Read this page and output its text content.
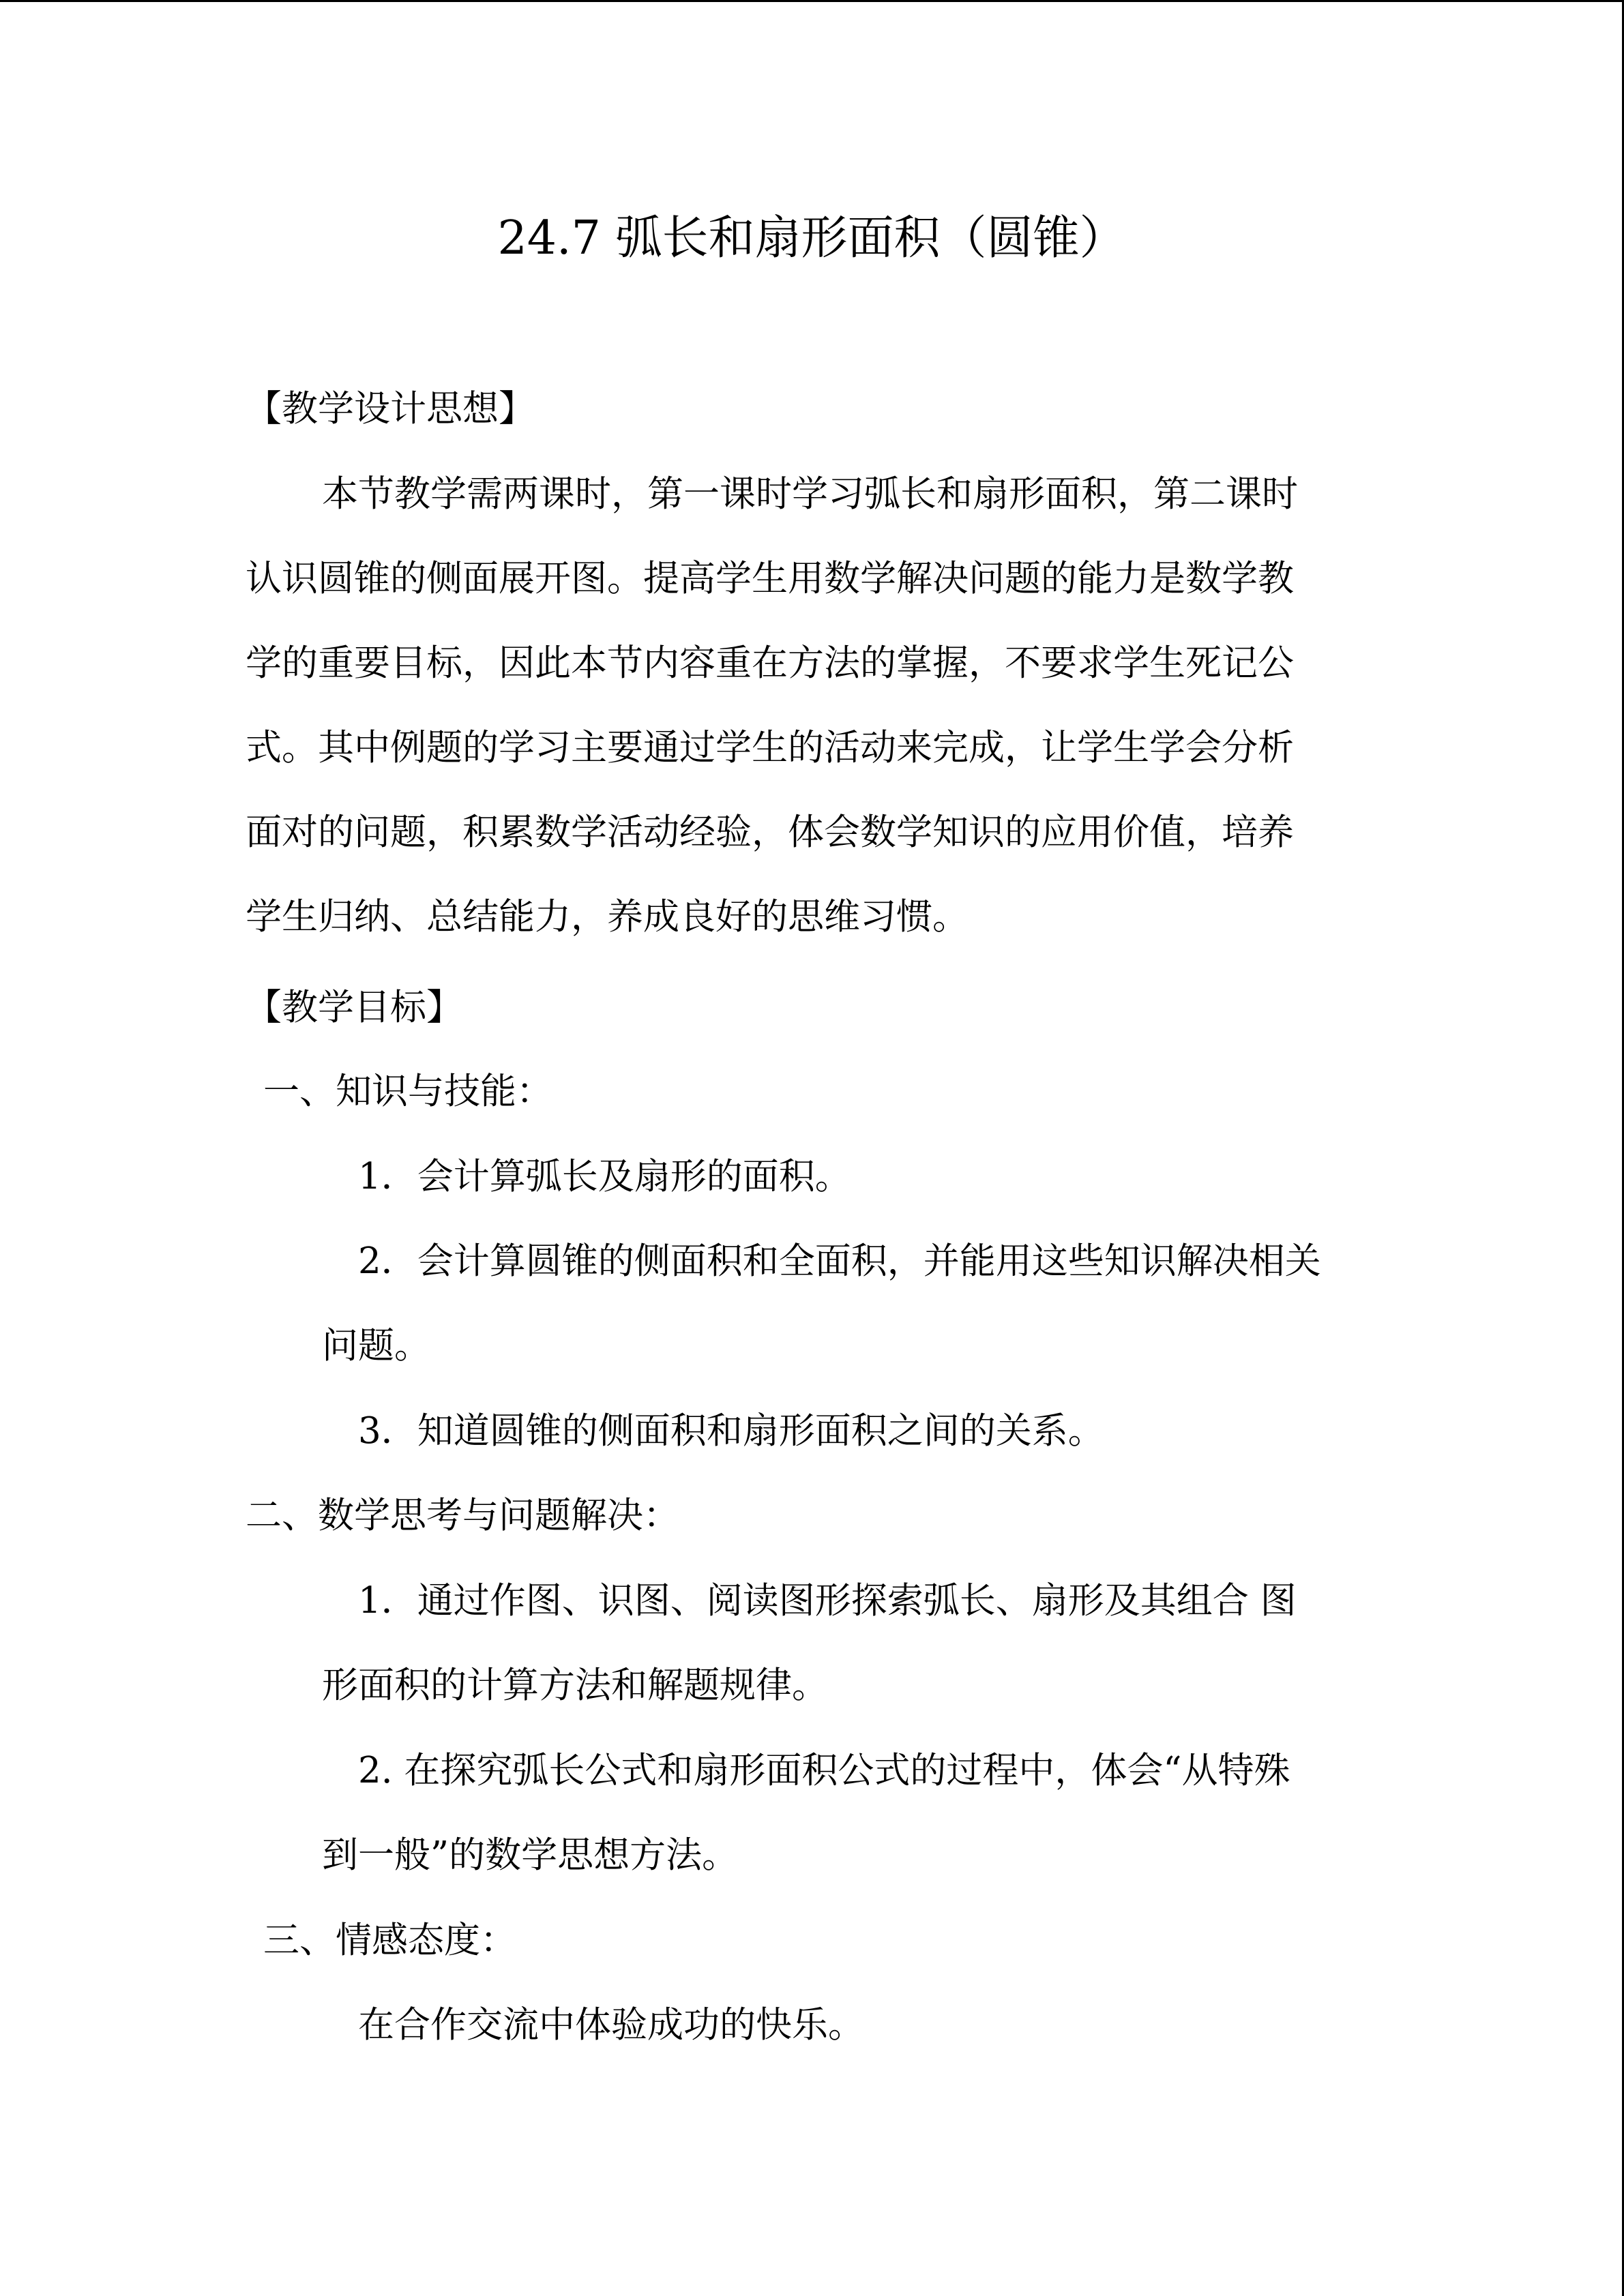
24.7 弧长和扇形面积（圆锥）
【教学设计思想】
本节教学需两课时，第一课时学习弧长和扇形面积，第二课时
认识圆锥的侧面展开图。提高学生用数学解决问题的能力是数学教
学的重要目标，因此本节内容重在方法的掌握，不要求学生死记公
式。其中例题的学习主要通过学生的活动来完成，让学生学会分析
面对的问题，积累数学活动经验，体会数学知识的应用价值，培养
学生归纳、总结能力，养成良好的思维习惯。
【教学目标】
一、知识与技能：
1．会计算弧长及扇形的面积。
2．会计算圆锥的侧面积和全面积，并能用这些知识解决相关
问题。
3．知道圆锥的侧面积和扇形面积之间的关系。
二、数学思考与问题解决：
1．通过作图、识图、阅读图形探索弧长、扇形及其组合 图
形面积的计算方法和解题规律。
2. 在探究弧长公式和扇形面积公式的过程中，体会“从特殊
到一般”的数学思想方法。
三、情感态度：
在合作交流中体验成功的快乐。
